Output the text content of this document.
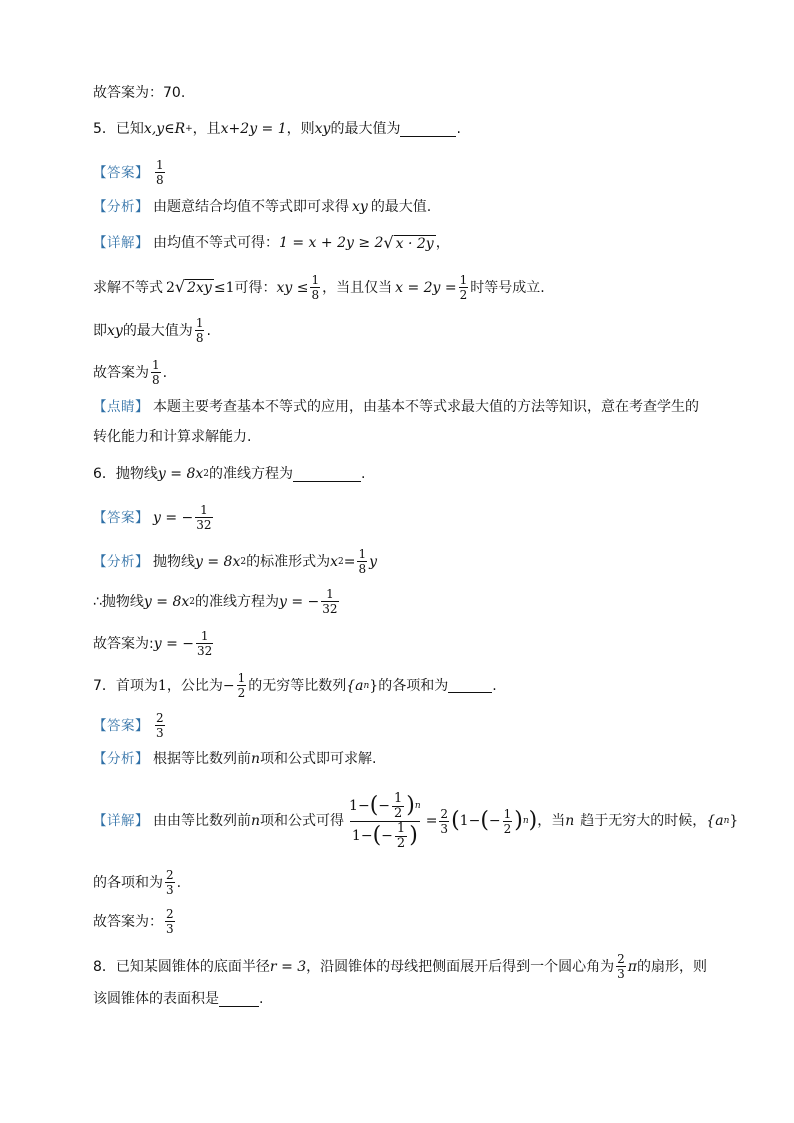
故答案为：70.
5．已知 x,y ∈ R + ，且 x+2y = 1 ，则 xy 的最大值为	.
【答案】 $\frac{1}{8}$
【分析】 由题意结合均值不等式即可求得 xy 的最大值.
【详解】 由均值不等式可得： 1 = x + 2y ≥ 2 √ x · 2y ，
求解不等式 2 √ 2xy ≤1 可得： xy ≤ $\frac{1}{8}$ ，当且仅当 $x = 2y = \frac{1}{2}$ 时等号成立.
即 xy 的最大值为 $\frac{1}{8}$ .
故答案为 $\frac{1}{8}$ .
【点睛】 本题主要考查基本不等式的应用，由基本不等式求最大值的方法等知识，意在考查学生的
转化能力和计算求解能力.
6．抛物线 y = 8x 2 的准线方程为	.
【答案】 y = − $\frac{1}{32}$
【分析】 抛物线 y = 8x 2 的标准形式为 x $2 = \frac{1}{8}$ y
∴抛物线 y = 8x 2 的准线方程为 y = − $\frac{1}{32}$
故答案为: y = − $\frac{1}{32}$
7．首项为 1 ，公比为 − $\frac{1}{2}$ 的无穷等比数列 {a n } 的各项和为	.
【答案】 $\frac{2}{3}$
【分析】 根据等比数列前 n 项和公式即可求解.
【详解】 由由等比数列前 n 项和公式可得 $\frac{1 - ( - \frac{1}{2} ) n}{1 - ( - \frac{1}{2} )} = \frac{2}{3}$ ( 1 − ( − $\frac{1}{2}$ ) n ) ，当 n 趋于无穷大的时候， {a n }
的各项和为 $\frac{2}{3}$ .
故答案为： $\frac{2}{3}$
8．已知某圆锥体的底面半径 r = 3 ，沿圆锥体的母线把侧面展开后得到一个圆心角为 $\frac{2}{3}$ π 的扇形，则
该圆锥体的表面积是	.
